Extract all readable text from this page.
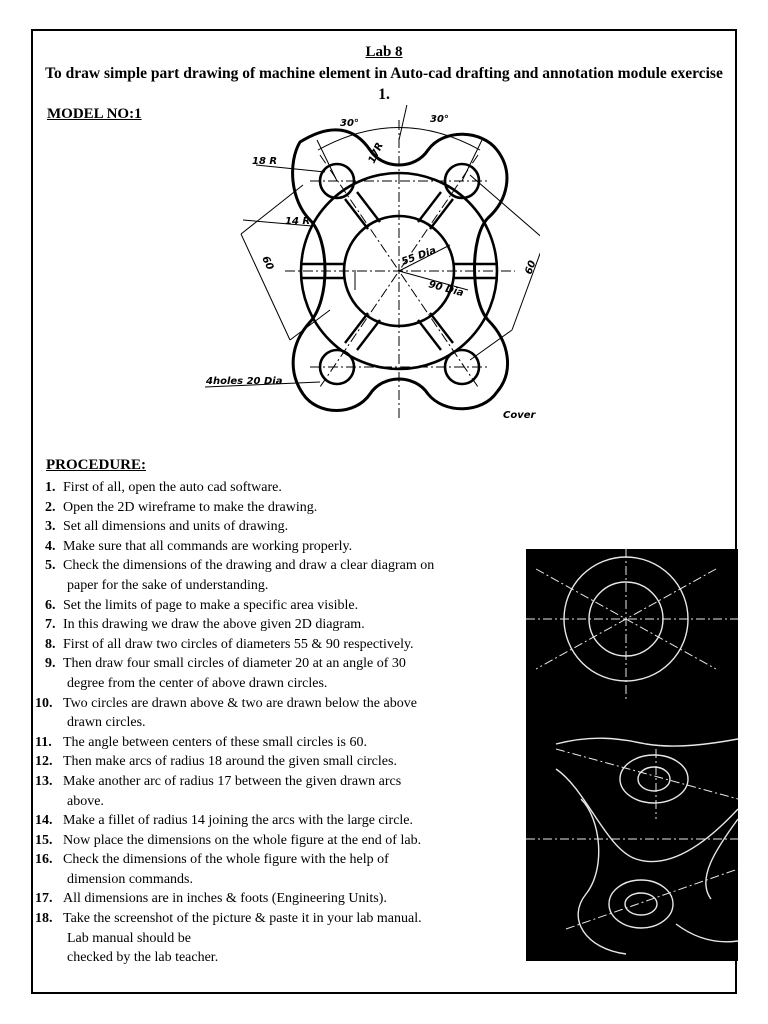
Lab 8
To draw simple part drawing of machine element in Auto-cad drafting and annotation module exercise 1.
MODEL NO:1
30°	30°
17R
18 R
14 R
60	60
55 Dia
90 Dia
4holes 20 Dia
Cover
PROCEDURE:
1. First of all, open the auto cad software.
2. Open the 2D wireframe to make the drawing.
3. Set all dimensions and units of drawing.
4. Make sure that all commands are working properly.
5. Check the dimensions of the drawing and draw a clear diagram on
paper for the sake of understanding.
6. Set the limits of page to make a specific area visible.
7. In this drawing we draw the above given 2D diagram.
8. First of all draw two circles of diameters 55 & 90 respectively.
9. Then draw four small circles of diameter 20 at an angle of 30
degree from the center of above drawn circles.
10. Two circles are drawn above & two are drawn below the above
drawn circles.
11. The angle between centers of these small circles is 60.
12. Then make arcs of radius 18 around the given small circles.
13. Make another arc of radius 17 between the given drawn arcs
above.
14. Make a fillet of radius 14 joining the arcs with the large circle.
15. Now place the dimensions on the whole figure at the end of lab.
16. Check the dimensions of the whole figure with the help of
dimension commands.
17. All dimensions are in inches & foots (Engineering Units).
18. Take the screenshot of the picture & paste it in your lab manual.
Lab manual should be
checked by the lab teacher.
